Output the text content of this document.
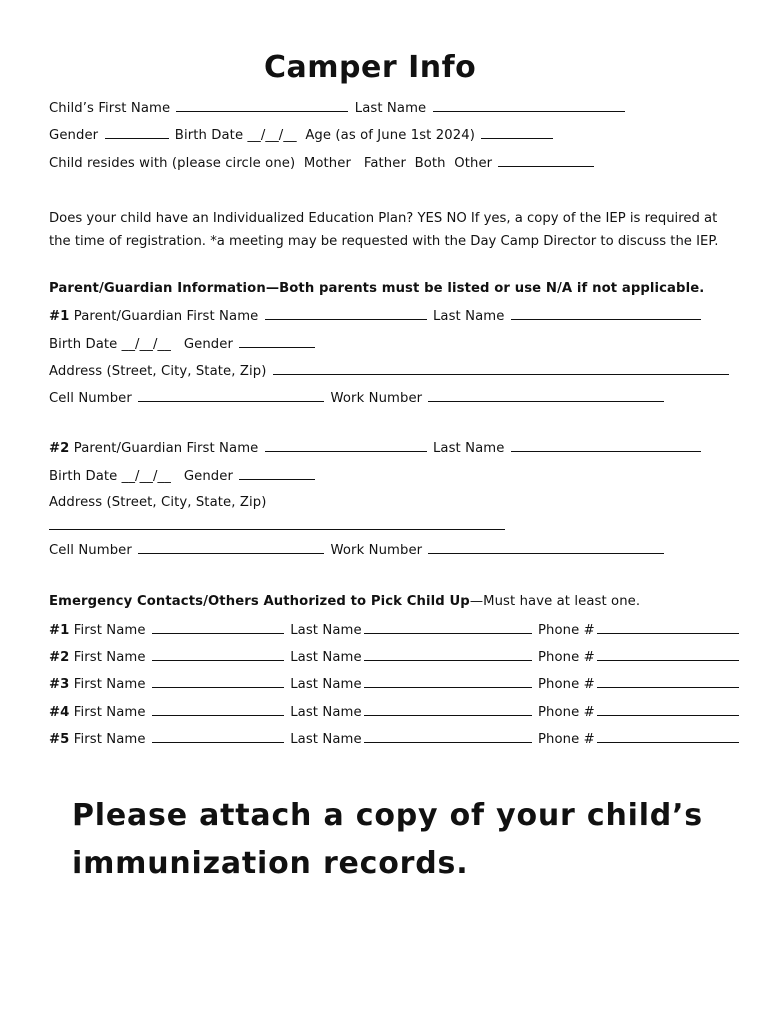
Camper Info
Child’s First Name	Last Name
Gender	Birth Date __/__/__ Age (as of June 1st 2024)
Child resides with (please circle one) Mother Father Both Other
Does your child have an Individualized Education Plan? YES NO If yes, a copy of the IEP is required at the time of registration. *a meeting may be requested with the Day Camp Director to discuss the IEP.
Parent/Guardian Information—Both parents must be listed or use N/A if not applicable.
#1 Parent/Guardian First Name	Last Name
Birth Date __/__/__ Gender
Address (Street, City, State, Zip)
Cell Number	Work Number
#2 Parent/Guardian First Name	Last Name
Birth Date __/__/__ Gender
Address (Street, City, State, Zip)
Cell Number	Work Number
Emergency Contacts/Others Authorized to Pick Child Up—Must have at least one.
#1 First Name	Last Name	Phone #
#2 First Name	Last Name	Phone #
#3 First Name	Last Name	Phone #
#4 First Name	Last Name	Phone #
#5 First Name	Last Name	Phone #
Please attach a copy of your child’s immunization records.
